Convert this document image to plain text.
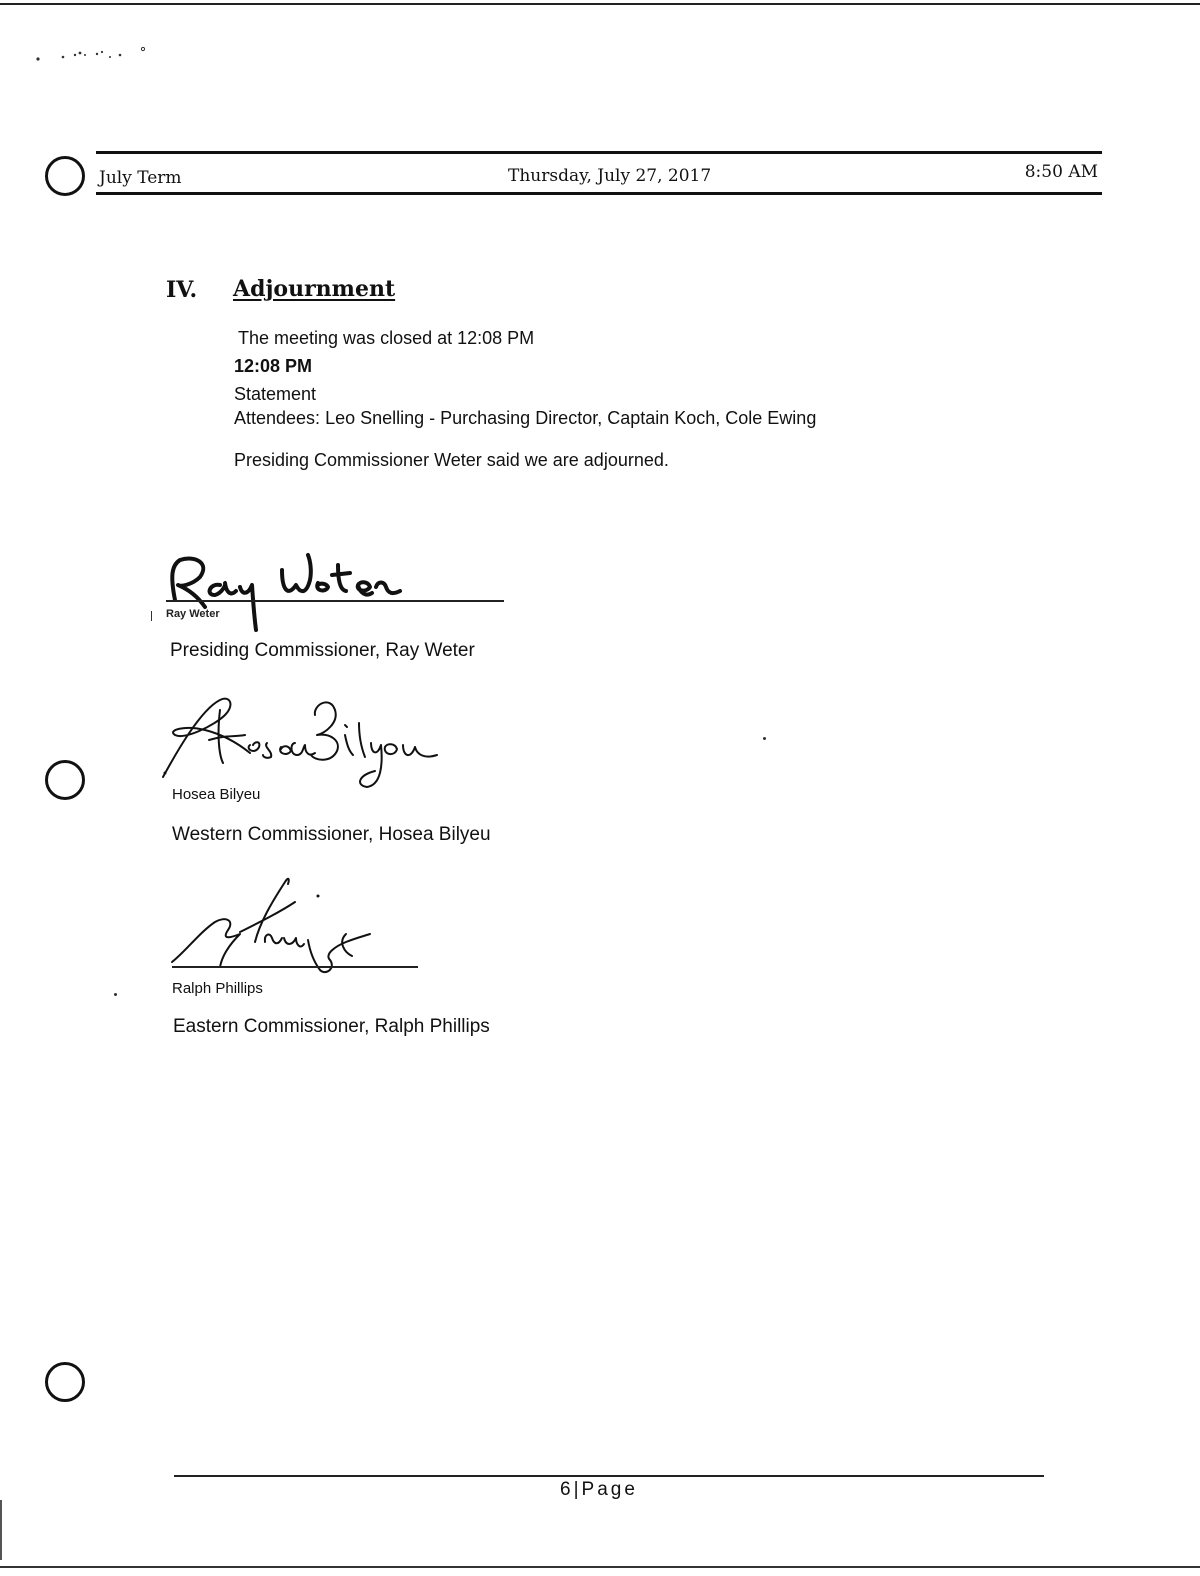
July Term	Thursday, July 27, 2017	8:50 AM
IV. Adjournment
The meeting was closed at 12:08 PM
12:08 PM
Statement
Attendees: Leo Snelling - Purchasing Director, Captain Koch, Cole Ewing
Presiding Commissioner Weter said we are adjourned.
Ray Weter
Presiding Commissioner, Ray Weter
Hosea Bilyeu
Western Commissioner, Hosea Bilyeu
Ralph Phillips
Eastern Commissioner, Ralph Phillips
6|Page
